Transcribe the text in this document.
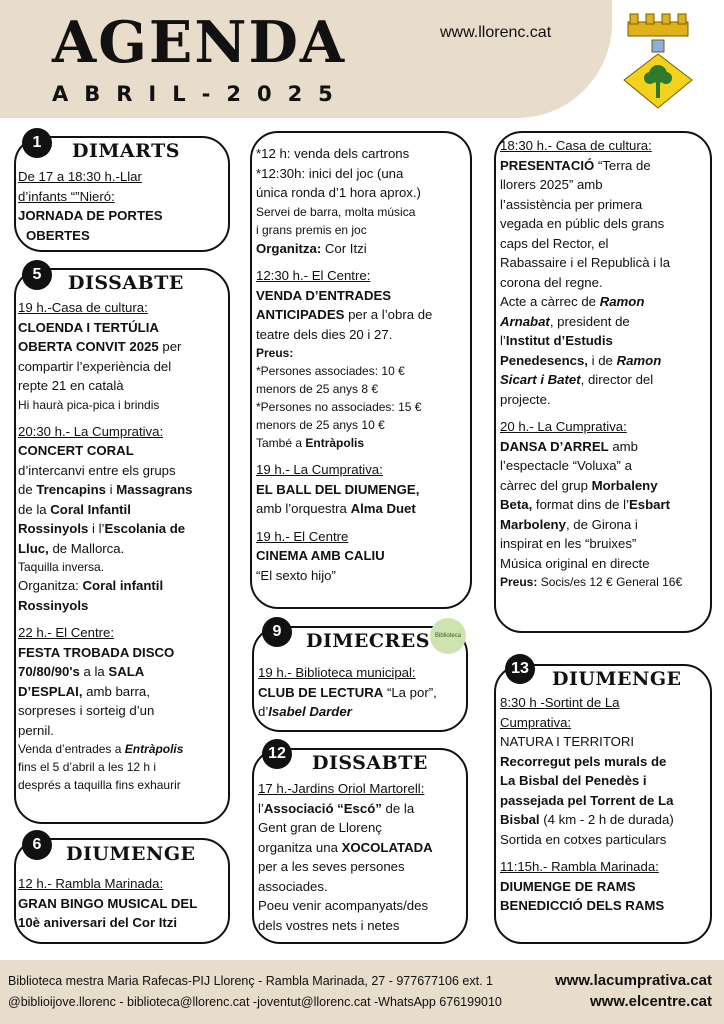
AGENDA
ABRIL-2025
www.llorenc.cat
1	DIMARTS

De 17 a 18:30 h.-Llar

d’infants “”Nieró:

JORNADA DE PORTES

OBERTES

5	DISSABTE

19 h.-Casa de cultura:

CLOENDA I TERTÚLIA

OBERTA CONVIT 2025 per

compartir l’experiència del

repte 21 en català

Hi haurà pica-pica i brindis

20:30 h.- La Cumprativa:

CONCERT CORAL

d’intercanvi entre els grups

de Trencapins i Massagrans

de la Coral Infantil

Rossinyols i l’Escolania de

Lluc, de Mallorca.

Taquilla inversa.

Organitza: Coral infantil

Rossinyols

22 h.- El Centre:

FESTA TROBADA DISCO

70/80/90's a la SALA

D’ESPLAI, amb barra,

sorpreses i sorteig d’un

pernil.

Venda d’entrades a Entràpolis

fins el 5 d’abril a les 12 h i

després a taquilla fins exhaurir

6	DIUMENGE

12 h.- Rambla Marinada:

GRAN BINGO MUSICAL DEL

10è aniversari del Cor Itzi

*12 h: venda dels cartrons

*12:30h: inici del joc (una

única ronda d’1 hora aprox.)

Servei de barra, molta música

i grans premis en joc

Organitza: Cor Itzi

12:30 h.- El Centre:

VENDA D’ENTRADES

ANTICIPADES per a l’obra de

teatre dels dies 20 i 27.

Preus:

*Persones associades: 10 €

menors de 25 anys 8 €

*Persones no associades: 15 €

menors de 25 anys 10 €

També a Entràpolis

19 h.- La Cumprativa:

EL BALL DEL DIUMENGE,

amb l’orquestra Alma Duet

19 h.- El Centre

CINEMA AMB CALIU

“El sexto hijo”

9	DIMECRES Biblioteca

19 h.- Biblioteca municipal:

CLUB DE LECTURA “La por”,

d’Isabel Darder

12	DISSABTE

17 h.-Jardins Oriol Martorell:

l’Associació “Escó” de la

Gent gran de Llorenç

organitza una XOCOLATADA

per a les seves persones

associades.

Poeu venir acompanyats/des

dels vostres nets i netes

18:30 h.- Casa de cultura:

PRESENTACIÓ “Terra de

llorers 2025” amb

l’assistència per primera

vegada en públic dels grans

caps del Rector, el

Rabassaire i el Republicà i la

corona del regne.

Acte a càrrec de Ramon

Arnabat, president de

l’Institut d’Estudis

Penedesencs, i de Ramon

Sicart i Batet, director del

projecte.

20 h.- La Cumprativa:

DANSA D’ARREL amb

l’espectacle “Voluxa” a

càrrec del grup Morbaleny

Beta, format dins de l’Esbart

Marboleny, de Girona i

inspirat en les “bruixes”

Música original en directe

Preus: Socis/es 12 € General 16€

13	DIUMENGE

8:30 h -Sortint de La

Cumprativa:

NATURA I TERRITORI

Recorregut pels murals de

La Bisbal del Penedès i

passejada pel Torrent de La

Bisbal (4 km - 2 h de durada)

Sortida en cotxes particulars

11:15h.- Rambla Marinada:

DIUMENGE DE RAMS

BENEDICCIÓ DELS RAMS

Biblioteca mestra Maria Rafecas-PIJ Llorenç - Rambla Marinada, 27 - 977677106 ext. 1
@biblioijove.llorenc - biblioteca@llorenc.cat -joventut@llorenc.cat -WhatsApp 676199010
www.lacumprativa.cat
www.elcentre.cat
